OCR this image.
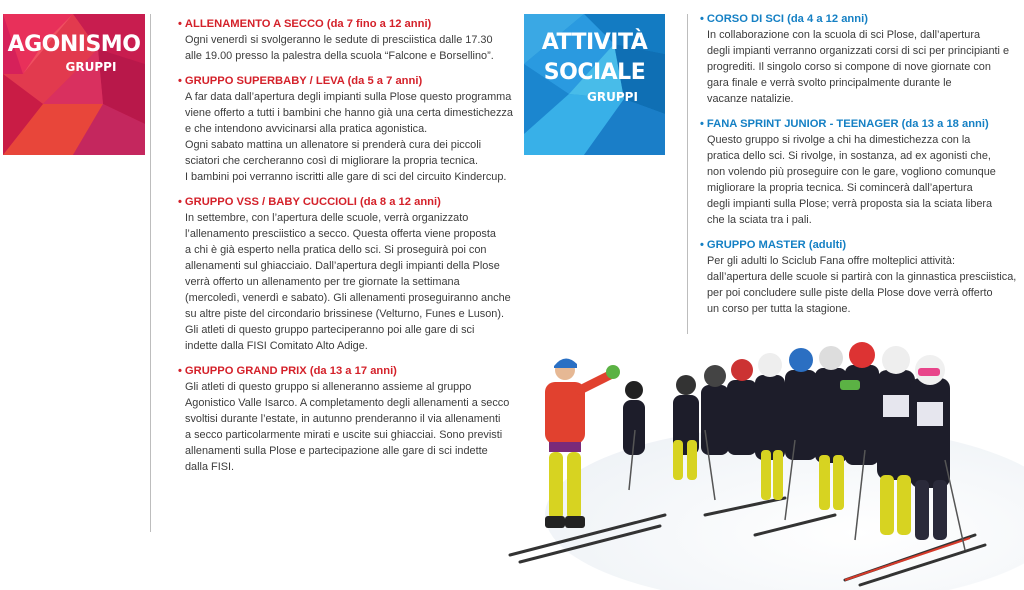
AGONISMO
GRUPPI
ATTIVITÀ
SOCIALE
GRUPPI
• ALLENAMENTO A SECCO (da 7 fino a 12 anni)
Ogni venerdì si svolgeranno le sedute di presciistica dalle 17.30
alle 19.00 presso la palestra della scuola “Falcone e Borsellino”.
• GRUPPO SUPERBABY / LEVA (da 5 a 7 anni)
A far data dall’apertura degli impianti sulla Plose questo programma
viene offerto a tutti i bambini che hanno già una certa dimestichezza
e che intendono avvicinarsi alla pratica agonistica.
Ogni sabato mattina un allenatore si prenderà cura dei piccoli
sciatori che cercheranno così di migliorare la propria tecnica.
I bambini poi verranno iscritti alle gare di sci del circuito Kindercup.
• GRUPPO VSS / BABY CUCCIOLI (da 8 a 12 anni)
In settembre, con l’apertura delle scuole, verrà organizzato
l’allenamento presciistico a secco. Questa offerta viene proposta
a chi è già esperto nella pratica dello sci. Si proseguirà poi con
allenamenti sul ghiacciaio. Dall’apertura degli impianti della Plose
verrà offerto un allenamento per tre giornate la settimana
(mercoledì, venerdì e sabato). Gli allenamenti proseguiranno anche
su altre piste del circondario brissinese (Velturno, Funes e Luson).
Gli atleti di questo gruppo parteciperanno poi alle gare di sci
indette dalla FISI Comitato Alto Adige.
• GRUPPO GRAND PRIX (da 13 a 17 anni)
Gli atleti di questo gruppo si alleneranno assieme al gruppo
Agonistico Valle Isarco. A completamento degli allenamenti a secco
svoltisi durante l’estate, in autunno prenderanno il via allenamenti
a secco particolarmente mirati e uscite sui ghiacciai. Sono previsti
allenamenti sulla Plose e partecipazione alle gare di sci indette
dalla FISI.
• CORSO DI SCI (da 4 a 12 anni)
In collaborazione con la scuola di sci Plose, dall’apertura
degli impianti verranno organizzati corsi di sci per principianti e
progrediti. Il singolo corso si compone di nove giornate con
gara finale e verrà svolto principalmente durante le
vacanze natalizie.
• FANA SPRINT JUNIOR - TEENAGER (da 13 a 18 anni)
Questo gruppo si rivolge a chi ha dimestichezza con la
pratica dello sci. Si rivolge, in sostanza, ad ex agonisti che,
non volendo più proseguire con le gare, vogliono comunque
migliorare la propria tecnica. Si comincerà dall’apertura
degli impianti sulla Plose; verrà proposta sia la sciata libera
che la sciata tra i pali.
• GRUPPO MASTER (adulti)
Per gli adulti lo Sciclub Fana offre molteplici attività:
dall’apertura delle scuole si partirà con la ginnastica presciistica,
per poi concludere sulle piste della Plose dove verrà offerto
un corso per tutta la stagione.
